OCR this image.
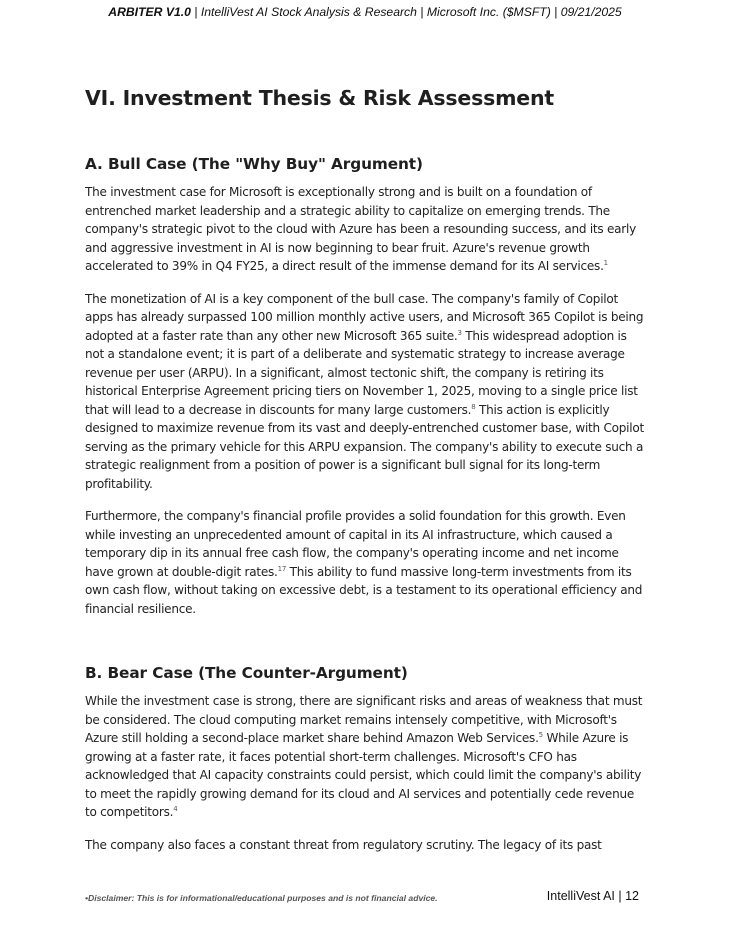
ARBITER V1.0 | IntelliVest AI Stock Analysis & Research | Microsoft Inc. ($MSFT) | 09/21/2025
VI. Investment Thesis & Risk Assessment
A. Bull Case (The "Why Buy" Argument)

The investment case for Microsoft is exceptionally strong and is built on a foundation of entrenched market leadership and a strategic ability to capitalize on emerging trends. The company's strategic pivot to the cloud with Azure has been a resounding success, and its early and aggressive investment in AI is now beginning to bear fruit. Azure's revenue growth accelerated to 39% in Q4 FY25, a direct result of the immense demand for its AI services.$^1$

The monetization of AI is a key component of the bull case. The company's family of Copilot apps has already surpassed 100 million monthly active users, and Microsoft 365 Copilot is being adopted at a faster rate than any other new Microsoft 365 suite.$^3$ This widespread adoption is not a standalone event; it is part of a deliberate and systematic strategy to increase average revenue per user (ARPU). In a significant, almost tectonic shift, the company is retiring its historical Enterprise Agreement pricing tiers on November 1, 2025, moving to a single price list that will lead to a decrease in discounts for many large customers.$^8$ This action is explicitly designed to maximize revenue from its vast and deeply-entrenched customer base, with Copilot serving as the primary vehicle for this ARPU expansion. The company's ability to execute such a strategic realignment from a position of power is a significant bull signal for its long-term profitability.

Furthermore, the company's financial profile provides a solid foundation for this growth. Even while investing an unprecedented amount of capital in its AI infrastructure, which caused a temporary dip in its annual free cash flow, the company's operating income and net income have grown at double-digit rates.$^{17}$ This ability to fund massive long-term investments from its own cash flow, without taking on excessive debt, is a testament to its operational efficiency and financial resilience.

B. Bear Case (The Counter-Argument)

While the investment case is strong, there are significant risks and areas of weakness that must be considered. The cloud computing market remains intensely competitive, with Microsoft's Azure still holding a second-place market share behind Amazon Web Services.$^5$ While Azure is growing at a faster rate, it faces potential short-term challenges. Microsoft's CFO has acknowledged that AI capacity constraints could persist, which could limit the company's ability to meet the rapidly growing demand for its cloud and AI services and potentially cede revenue to competitors.$^4$

The company also faces a constant threat from regulatory scrutiny. The legacy of its past

•Disclaimer: This is for informational/educational purposes and is not financial advice.	IntelliVest AI | 12
